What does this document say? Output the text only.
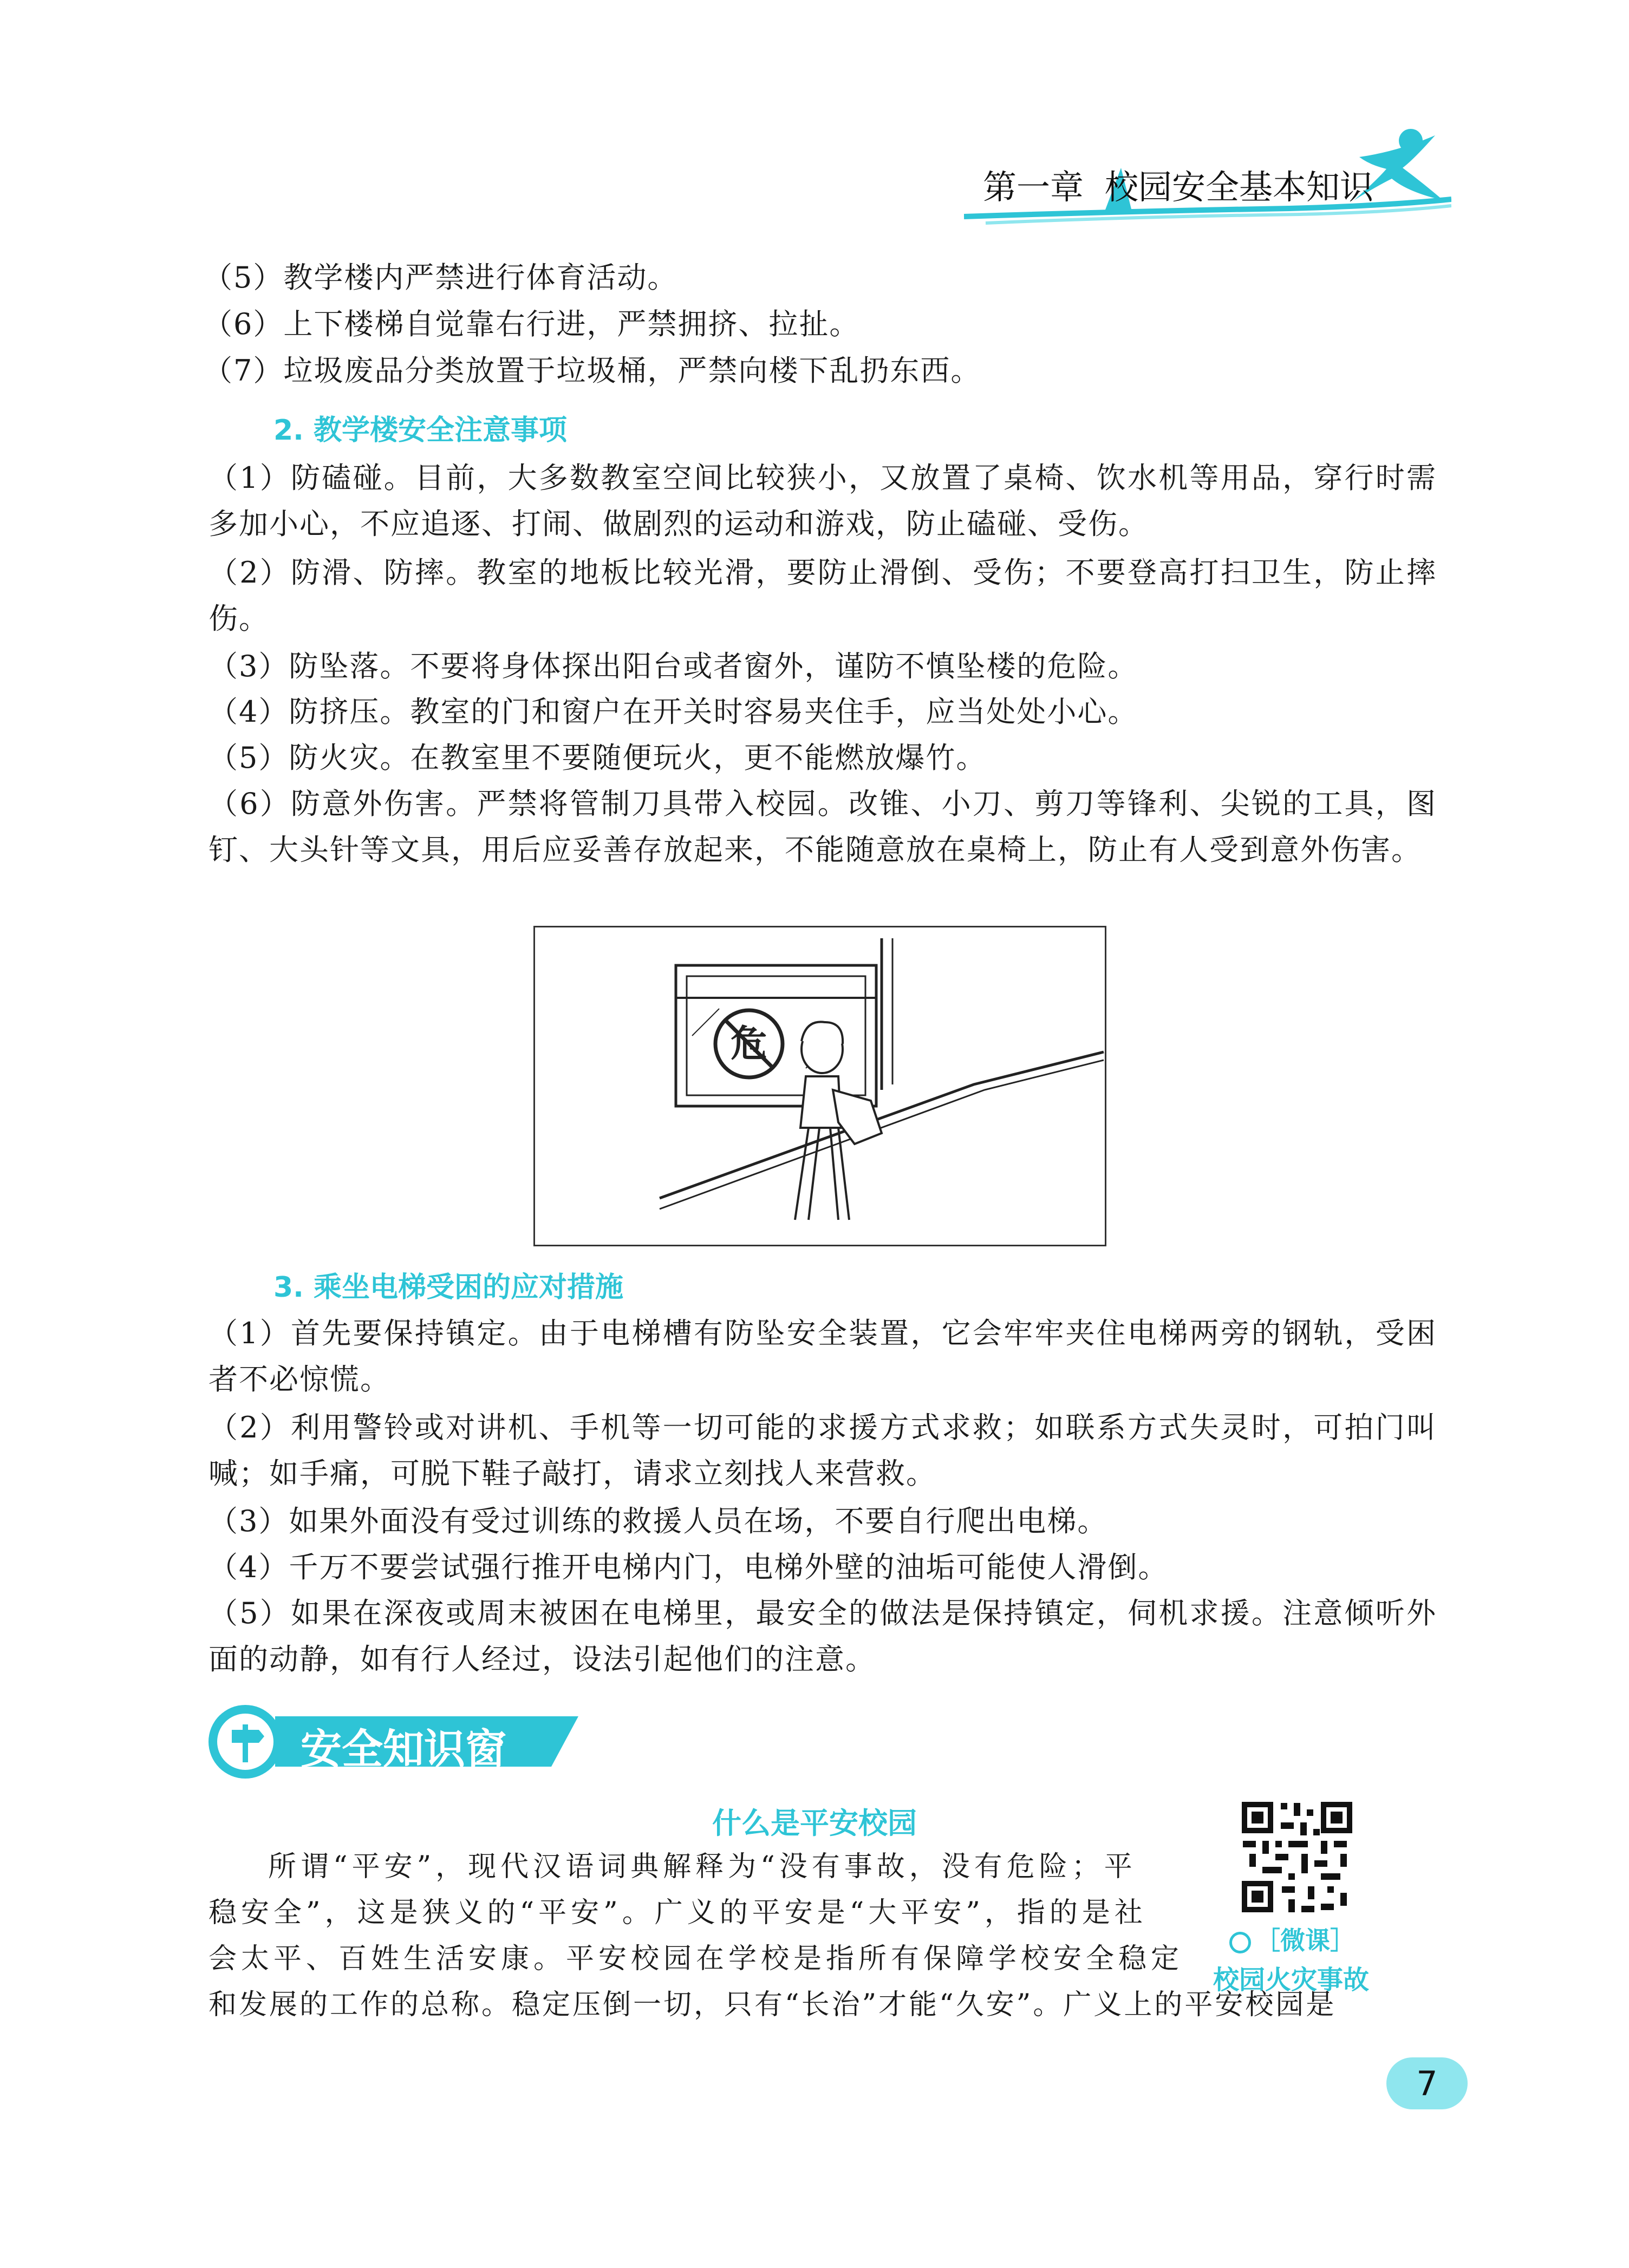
第一章 校园安全基本知识
（5）教学楼内严禁进行体育活动。
（6）上下楼梯自觉靠右行进，严禁拥挤、拉扯。
（7）垃圾废品分类放置于垃圾桶，严禁向楼下乱扔东西。
2. 教学楼安全注意事项
（1）防磕碰。目前，大多数教室空间比较狭小，又放置了桌椅、饮水机等用品，穿行时需多加小心，不应追逐、打闹、做剧烈的运动和游戏，防止磕碰、受伤。
（2）防滑、防摔。教室的地板比较光滑，要防止滑倒、受伤；不要登高打扫卫生，防止摔伤。
（3）防坠落。不要将身体探出阳台或者窗外，谨防不慎坠楼的危险。
（4）防挤压。教室的门和窗户在开关时容易夹住手，应当处处小心。
（5）防火灾。在教室里不要随便玩火，更不能燃放爆竹。
（6）防意外伤害。严禁将管制刀具带入校园。改锥、小刀、剪刀等锋利、尖锐的工具，图钉、大头针等文具，用后应妥善存放起来，不能随意放在桌椅上，防止有人受到意外伤害。
危
3. 乘坐电梯受困的应对措施
（1）首先要保持镇定。由于电梯槽有防坠安全装置，它会牢牢夹住电梯两旁的钢轨，受困者不必惊慌。
（2）利用警铃或对讲机、手机等一切可能的求援方式求救；如联系方式失灵时，可拍门叫喊；如手痛，可脱下鞋子敲打，请求立刻找人来营救。
（3）如果外面没有受过训练的救援人员在场，不要自行爬出电梯。
（4）千万不要尝试强行推开电梯内门，电梯外壁的油垢可能使人滑倒。
（5）如果在深夜或周末被困在电梯里，最安全的做法是保持镇定，伺机求援。注意倾听外面的动静，如有行人经过，设法引起他们的注意。
安全知识窗
什么是平安校园
［微课］
校园火灾事故
所谓“平安”，现代汉语词典解释为“没有事故，没有危险；平
稳安全”，这是狭义的“平安”。广义的平安是“大平安”，指的是社
会太平、百姓生活安康。平安校园在学校是指所有保障学校安全稳定
和发展的工作的总称。稳定压倒一切，只有“长治”才能“久安”。广义上的平安校园是
7
